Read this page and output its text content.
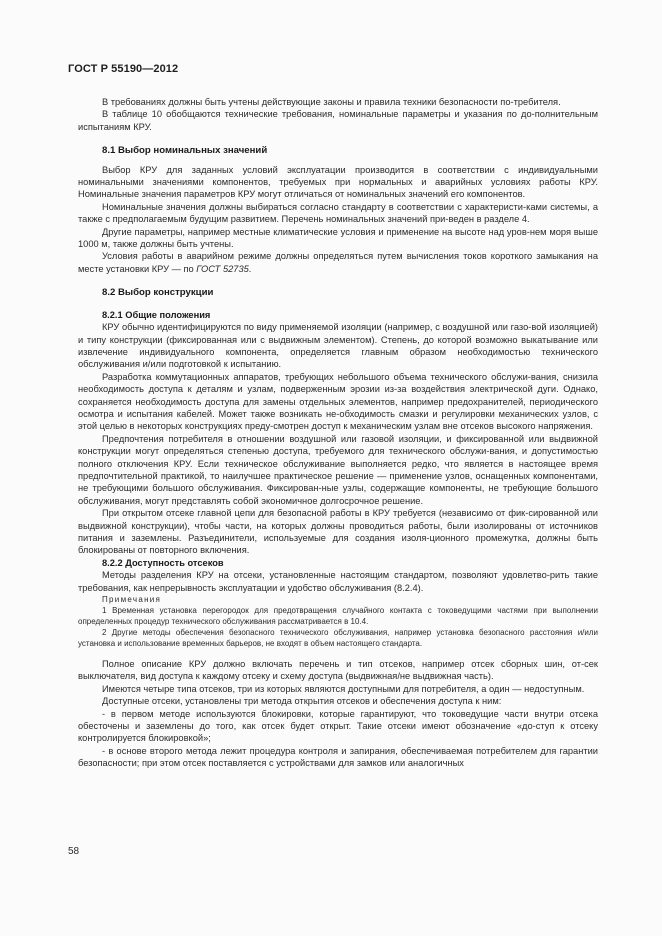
ГОСТ Р 55190—2012

В требованиях должны быть учтены действующие законы и правила техники безопасности по-требителя.

В таблице 10 обобщаются технические требования, номинальные параметры и указания по до-полнительным испытаниям КРУ.

8.1 Выбор номинальных значений

Выбор КРУ для заданных условий эксплуатации производится в соответствии с индивидуальными номинальными значениями компонентов, требуемых при нормальных и аварийных условиях работы КРУ. Номинальные значения параметров КРУ могут отличаться от номинальных значений его компонентов.

Номинальные значения должны выбираться согласно стандарту в соответствии с характеристи-ками системы, а также с предполагаемым будущим развитием. Перечень номинальных значений при-веден в разделе 4.

Другие параметры, например местные климатические условия и применение на высоте над уров-нем моря выше 1000 м, также должны быть учтены.

Условия работы в аварийном режиме должны определяться путем вычисления токов короткого замыкания на месте установки КРУ — по ГОСТ 52735.

8.2 Выбор конструкции
8.2.1 Общие положения

КРУ обычно идентифицируются по виду применяемой изоляции (например, с воздушной или газо-вой изоляцией) и типу конструкции (фиксированная или с выдвижным элементом). Степень, до которой возможно выкатывание или извлечение индивидуального компонента, определяется главным образом необходимостью технического обслуживания и/или подготовкой к испытанию.

Разработка коммутационных аппаратов, требующих небольшого объема технического обслужи-вания, снизила необходимость доступа к деталям и узлам, подверженным эрозии из-за воздействия электрической дуги. Однако, сохраняется необходимость доступа для замены отдельных элементов, например предохранителей, периодического осмотра и испытания кабелей. Может также возникать не-обходимость смазки и регулировки механических узлов, с этой целью в некоторых конструкциях преду-смотрен доступ к механическим узлам вне отсеков высокого напряжения.

Предпочтения потребителя в отношении воздушной или газовой изоляции, и фиксированной или выдвижной конструкции могут определяться степенью доступа, требуемого для технического обслужи-вания, и допустимостью полного отключения КРУ. Если техническое обслуживание выполняется редко, что является в настоящее время предпочтительной практикой, то наилучшее практическое решение — применение узлов, оснащенных компонентами, не требующими большого обслуживания. Фиксирован-ные узлы, содержащие компоненты, не требующие большого обслуживания, могут представлять собой экономичное долгосрочное решение.

При открытом отсеке главной цепи для безопасной работы в КРУ требуется (независимо от фик-сированной или выдвижной конструкции), чтобы части, на которых должны проводиться работы, были изолированы от источников питания и заземлены. Разъединители, используемые для создания изоля-ционного промежутка, должны быть блокированы от повторного включения.

8.2.2 Доступность отсеков

Методы разделения КРУ на отсеки, установленные настоящим стандартом, позволяют удовлетво-рить такие требования, как непрерывность эксплуатации и удобство обслуживания (8.2.4).

Примечания

1 Временная установка перегородок для предотвращения случайного контакта с токоведущими частями при выполнении определенных процедур технического обслуживания рассматривается в 10.4.

2 Другие методы обеспечения безопасного технического обслуживания, например установка безопасного расстояния и/или установка и использование временных барьеров, не входят в объем настоящего стандарта.

Полное описание КРУ должно включать перечень и тип отсеков, например отсек сборных шин, от-сек выключателя, вид доступа к каждому отсеку и схему доступа (выдвижная/не выдвижная часть).

Имеются четыре типа отсеков, три из которых являются доступными для потребителя, а один — недоступным.

Доступные отсеки, установлены три метода открытия отсеков и обеспечения доступа к ним:

- в первом методе используются блокировки, которые гарантируют, что токоведущие части внутри отсека обесточены и заземлены до того, как отсек будет открыт. Такие отсеки имеют обозначение «до-ступ к отсеку контролируется блокировкой»;

- в основе второго метода лежит процедура контроля и запирания, обеспечиваемая потребителем для гарантии безопасности; при этом отсек поставляется с устройствами для замков или аналогичных

58
